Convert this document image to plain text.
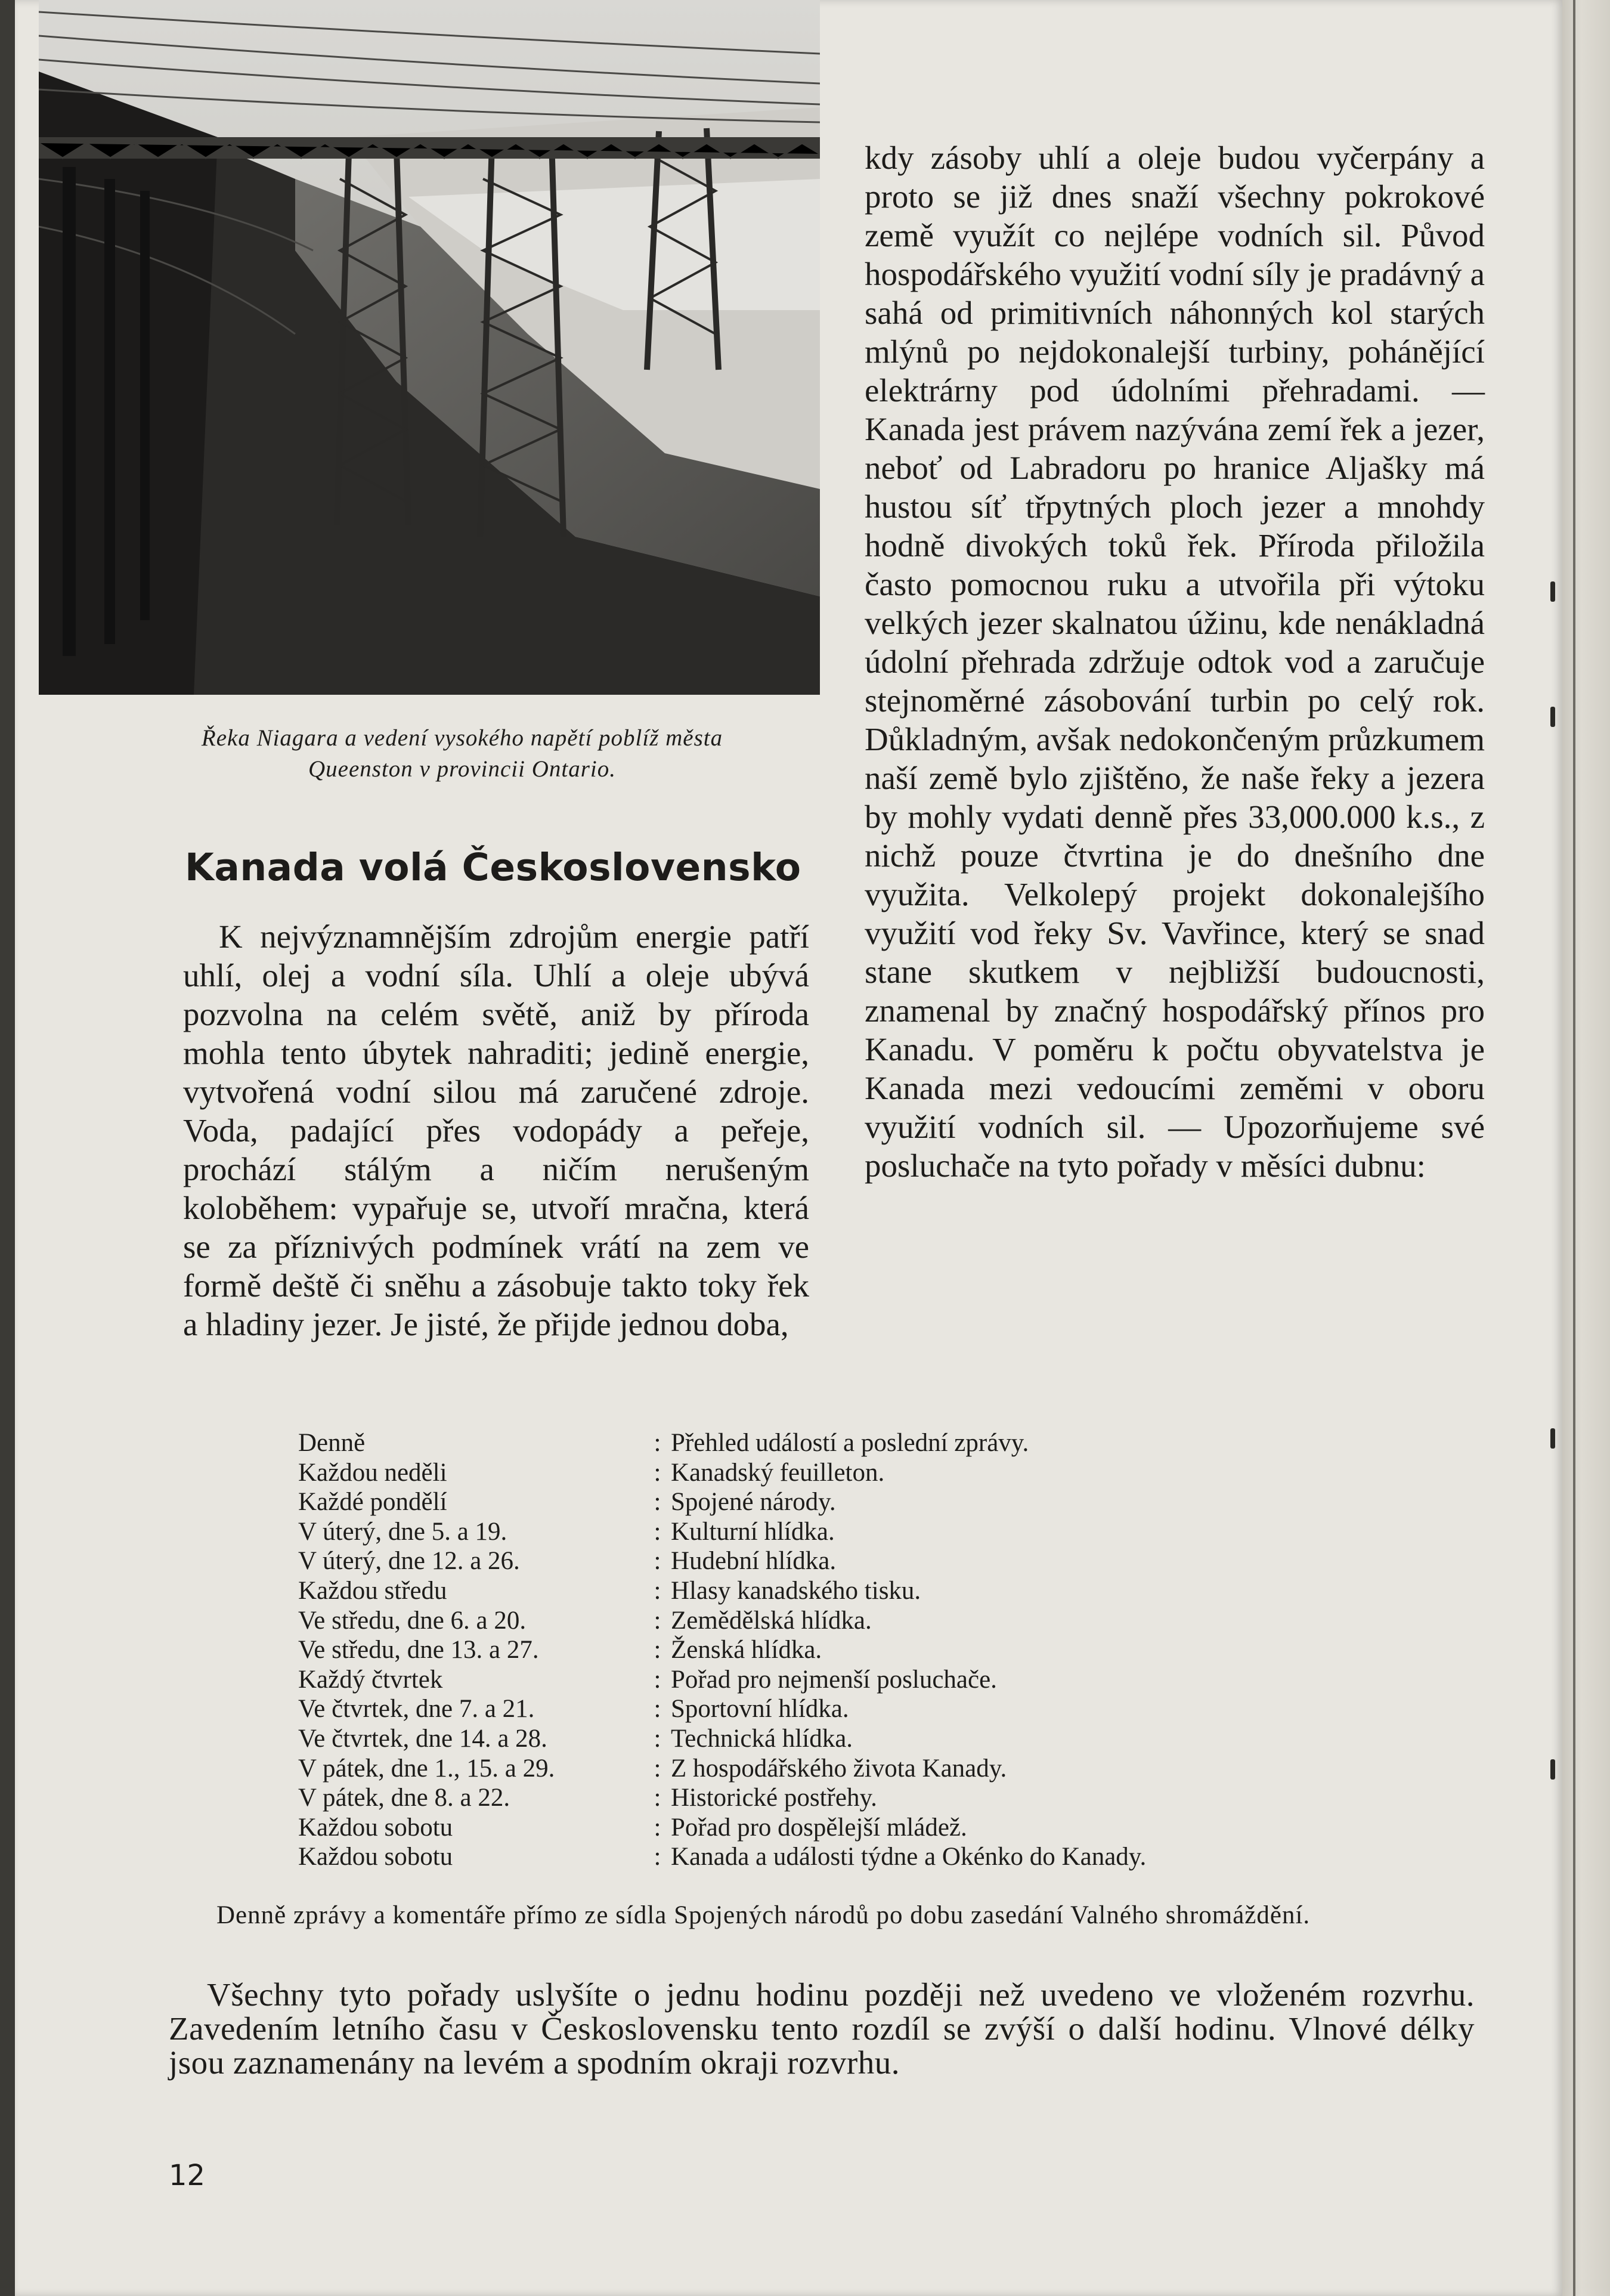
Řeka Niagara a vedení vysokého napětí poblíž města Queenston v provincii Ontario.
Kanada volá Československo
K nejvýznamnějším zdrojům energie patří uhlí, olej a vodní síla. Uhlí a oleje ubývá pozvolna na celém světě, aniž by příroda mohla tento úbytek nahraditi; jedině energie, vytvořená vodní silou má zaručené zdroje. Voda, padající přes vodopády a peřeje, prochází stálým a ničím nerušeným koloběhem: vypařuje se, utvoří mračna, která se za příznivých podmínek vrátí na zem ve formě deště či sněhu a zásobuje takto toky řek a hladiny jezer. Je jisté, že přijde jednou doba,
kdy zásoby uhlí a oleje budou vyčerpány a proto se již dnes snaží všechny pokrokové země využít co nejlépe vodních sil. Původ hospodářského využití vodní síly je pradávný a sahá od primitivních náhonných kol starých mlýnů po nejdokonalejší turbiny, pohánějící elektrárny pod údolními přehradami. — Kanada jest právem nazývána zemí řek a jezer, neboť od Labradoru po hranice Aljašky má hustou síť třpytných ploch jezer a mnohdy hodně divokých toků řek. Příroda přiložila často pomocnou ruku a utvořila při výtoku velkých jezer skalnatou úžinu, kde nenákladná údolní přehrada zdržuje odtok vod a zaručuje stejnoměrné zásobování turbin po celý rok. Důkladným, avšak nedokončeným průzkumem naší země bylo zjištěno, že naše řeky a jezera by mohly vydati denně přes 33,000.000 k.s., z nichž pouze čtvrtina je do dnešního dne využita. Velkolepý projekt dokonalejšího využití vod řeky Sv. Vavřince, který se snad stane skutkem v nejbližší budoucnosti, znamenal by značný hospodářský přínos pro Kanadu. V poměru k počtu obyvatelstva je Kanada mezi vedoucími zeměmi v oboru využití vodních sil. — Upozorňujeme své posluchače na tyto pořady v měsíci dubnu:
Denně	: Přehled událostí a poslední zprávy.
Každou neděli	: Kanadský feuilleton.
Každé pondělí	: Spojené národy.
V úterý, dne 5. a 19.	: Kulturní hlídka.
V úterý, dne 12. a 26.	: Hudební hlídka.
Každou středu	: Hlasy kanadského tisku.
Ve středu, dne 6. a 20.	: Zemědělská hlídka.
Ve středu, dne 13. a 27.	: Ženská hlídka.
Každý čtvrtek	: Pořad pro nejmenší posluchače.
Ve čtvrtek, dne 7. a 21.	: Sportovní hlídka.
Ve čtvrtek, dne 14. a 28.	: Technická hlídka.
V pátek, dne 1., 15. a 29.	: Z hospodářského života Kanady.
V pátek, dne 8. a 22.	: Historické postřehy.
Každou sobotu	: Pořad pro dospělejší mládež.
Každou sobotu	: Kanada a události týdne a Okénko do Kanady.
Denně zprávy a komentáře přímo ze sídla Spojených národů po dobu zasedání Valného shromáždění.
Všechny tyto pořady uslyšíte o jednu hodinu později než uvedeno ve vloženém rozvrhu. Zavedením letního času v Československu tento rozdíl se zvýší o další hodinu. Vlnové délky jsou zaznamenány na levém a spodním okraji rozvrhu.
12
